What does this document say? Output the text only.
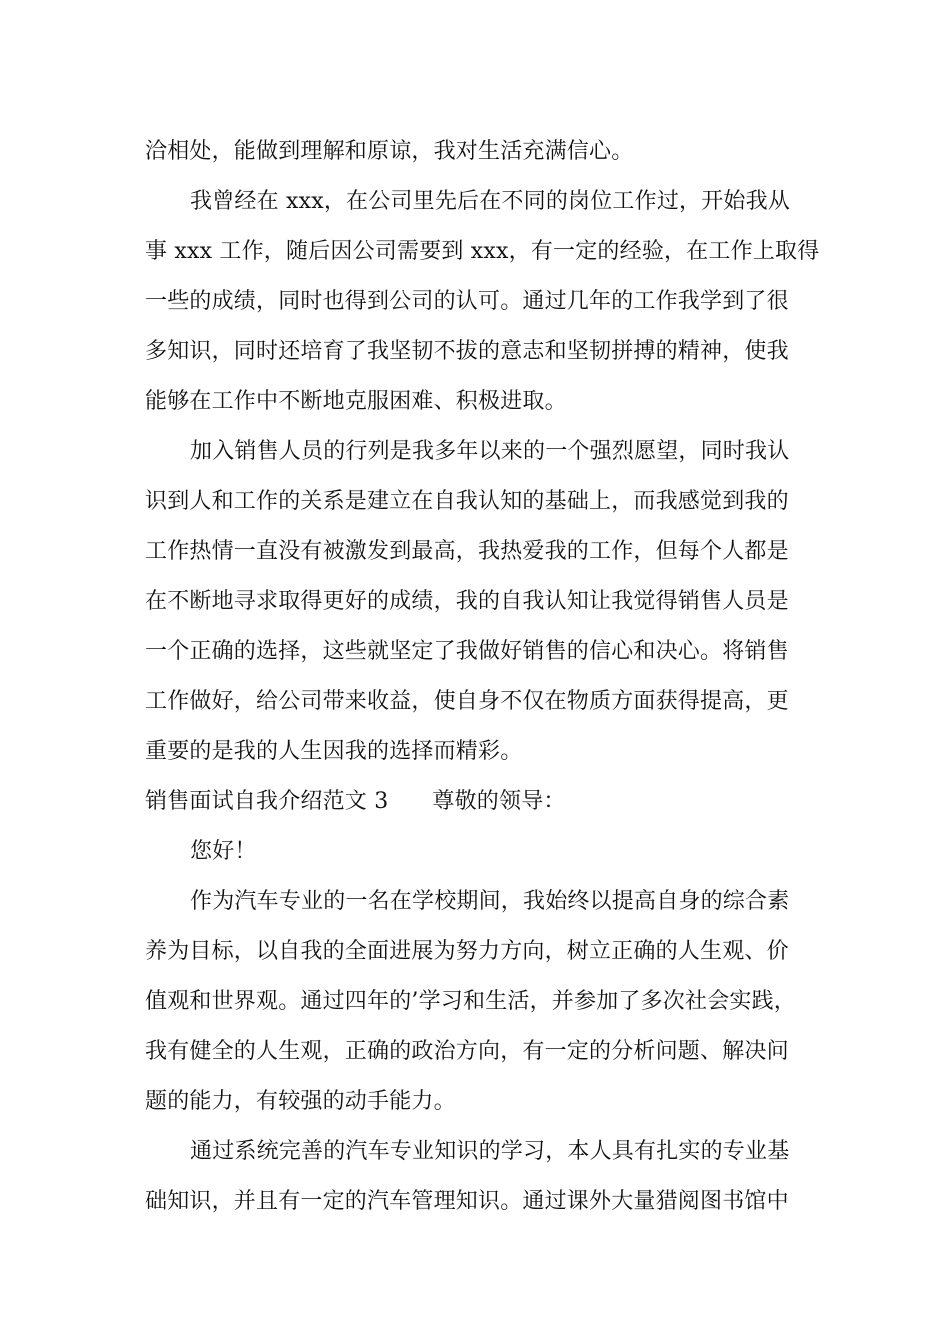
洽相处，能做到理解和原谅，我对生活充满信心。
我曾经在 xxx，在公司里先后在不同的岗位工作过，开始我从
事 xxx 工作，随后因公司需要到 xxx，有一定的经验，在工作上取得
一些的成绩，同时也得到公司的认可。通过几年的工作我学到了很
多知识，同时还培育了我坚韧不拔的意志和坚韧拼搏的精神，使我
能够在工作中不断地克服困难、积极进取。
加入销售人员的行列是我多年以来的一个强烈愿望，同时我认
识到人和工作的关系是建立在自我认知的基础上，而我感觉到我的
工作热情一直没有被激发到最高，我热爱我的工作，但每个人都是
在不断地寻求取得更好的成绩，我的自我认知让我觉得销售人员是
一个正确的选择，这些就坚定了我做好销售的信心和决心。将销售
工作做好，给公司带来收益，使自身不仅在物质方面获得提高，更
重要的是我的人生因我的选择而精彩。
销售面试自我介绍范文 3 尊敬的领导：
您好！
作为汽车专业的一名在学校期间，我始终以提高自身的综合素
养为目标，以自我的全面进展为努力方向，树立正确的人生观、价
值观和世界观。通过四年的’学习和生活，并参加了多次社会实践，
我有健全的人生观，正确的政治方向，有一定的分析问题、解决问
题的能力，有较强的动手能力。
通过系统完善的汽车专业知识的学习，本人具有扎实的专业基
础知识，并且有一定的汽车管理知识。通过课外大量猎阅图书馆中
